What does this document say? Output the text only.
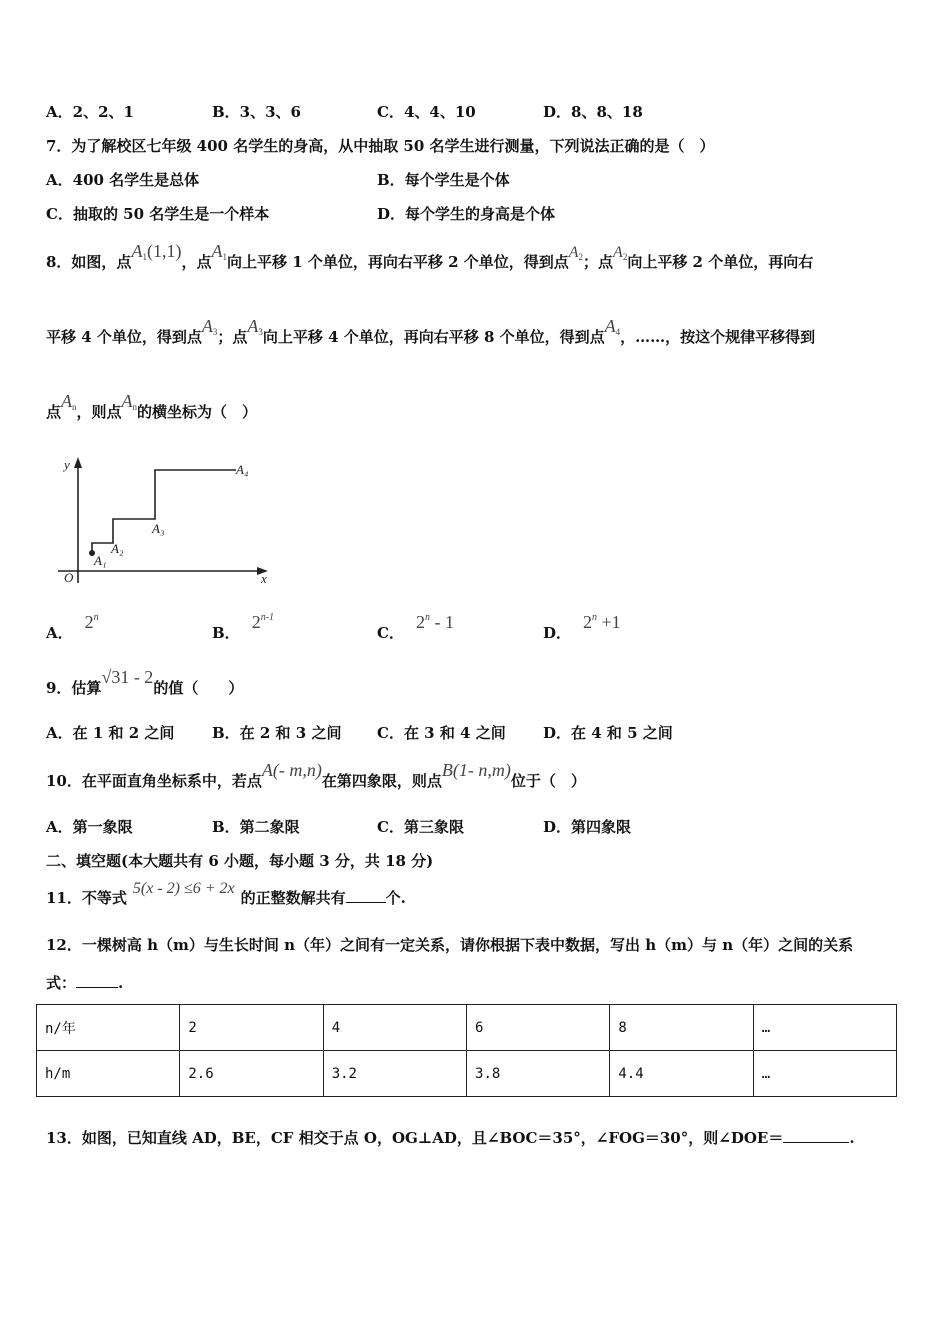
A．2、2、1	B．3、3、6	C．4、4、10	D．8、8、18
7．为了解校区七年级 400 名学生的身高，从中抽取 50 名学生进行测量，下列说法正确的是（　）
A．400 名学生是总体	B．每个学生是个体
C．抽取的 50 名学生是一个样本	D．每个学生的身高是个体
8．如图，点$A_1(1,1)$，点$A_1$向上平移 1 个单位，再向右平移 2 个单位，得到点$A_2$；点$A_2$向上平移 2 个单位，再向右
平移 4 个单位，得到点$A_3$；点$A_3$向上平移 4 个单位，再向右平移 8 个单位，得到点$A_4$，……，按这个规律平移得到
点$A_n$，则点$A_n$的横坐标为（　）
y
x
O
A₁
A₂
A₃
A₄
A．2$^n$
B．2$^{n-1}$
C．2$^n$ - 1
D．$2^n +1$
9．估算√31 - 2的值（　　）
A．在 1 和 2 之间	B．在 2 和 3 之间 C．在 3 和 4 之间 D．在 4 和 5 之间
10．在平面直角坐标系中，若点A(- m,n)在第四象限，则点B(1- n,m)位于（　）
A．第一象限	B．第二象限	C．第三象限	D．第四象限
二、填空题(本大题共有 6 小题，每小题 3 分，共 18 分)
11．不等式5(x - 2) ≤6 + 2x的正整数解共有	个.
12．一棵树高 h（m）与生长时间 n（年）之间有一定关系，请你根据下表中数据，写出 h（m）与 n（年）之间的关系
式：	.
n/年	2	4	6	8	…
h/m	2.6	3.2	3.8	4.4	…
13．如图，已知直线 AD，BE，CF 相交于点 O，OG⊥AD，且∠BOC＝35°，∠FOG＝30°，则∠DOE＝	.
